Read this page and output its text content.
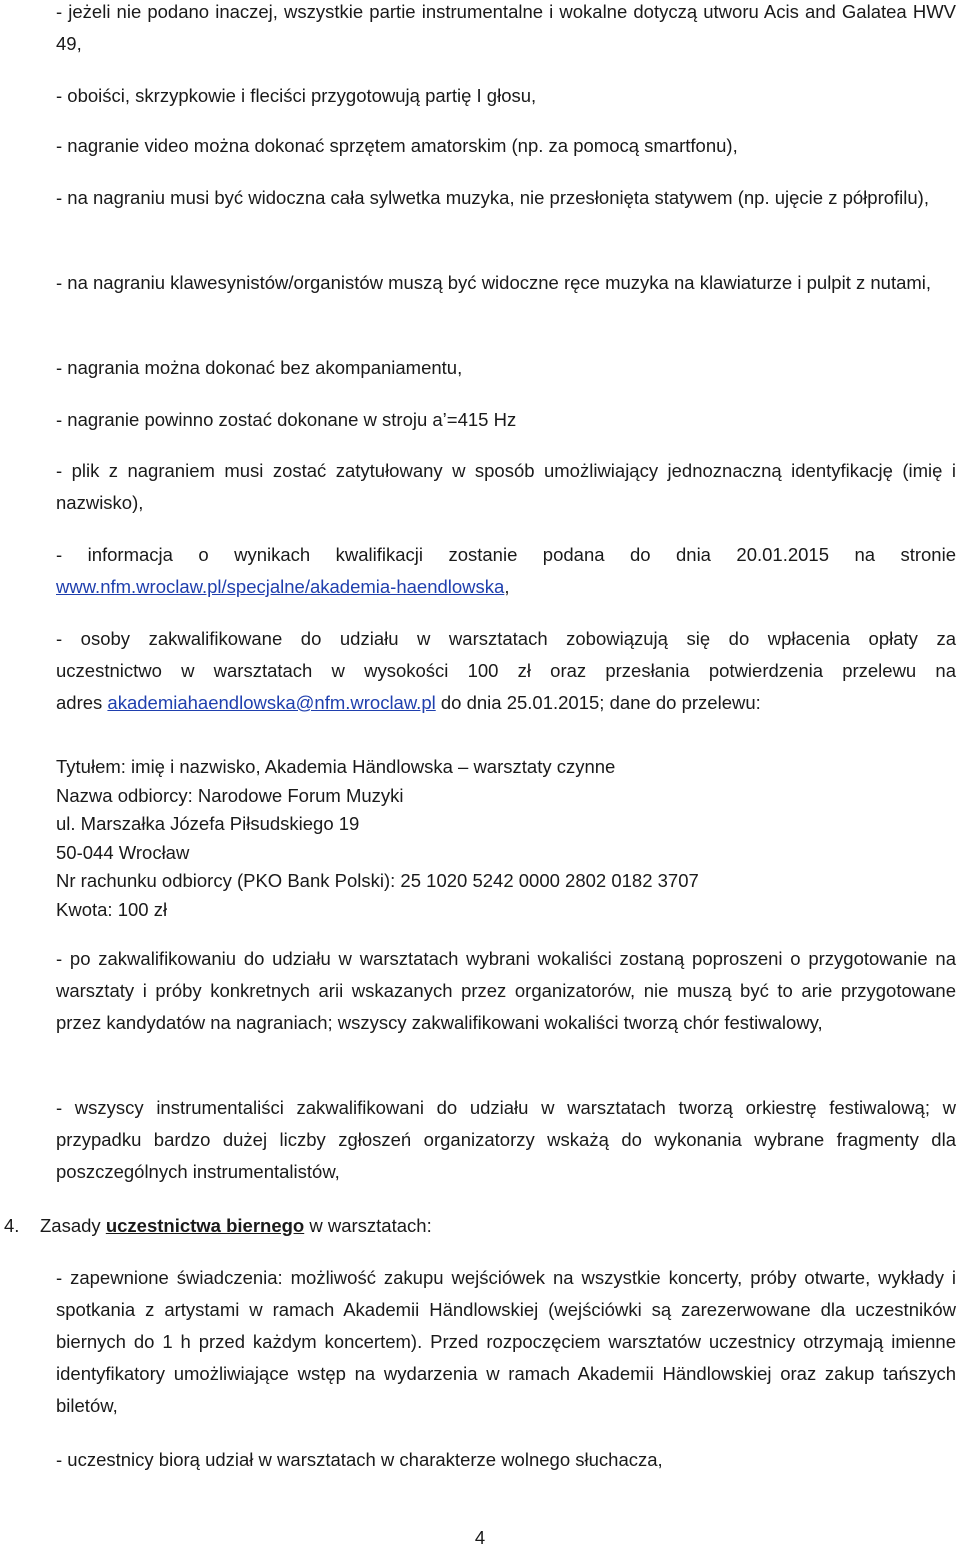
- jeżeli nie podano inaczej, wszystkie partie instrumentalne i wokalne dotyczą utworu Acis and Galatea HWV 49,

- oboiści, skrzypkowie i fleciści przygotowują partię I głosu,

- nagranie video można dokonać sprzętem amatorskim (np. za pomocą smartfonu),

- na nagraniu musi być widoczna cała sylwetka muzyka, nie przesłonięta statywem (np. ujęcie z półprofilu),

- na nagraniu klawesynistów/organistów muszą być widoczne ręce muzyka na klawiaturze i pulpit z nutami,

- nagrania można dokonać bez akompaniamentu,

- nagranie powinno zostać dokonane w stroju a’=415 Hz

- plik z nagraniem musi zostać zatytułowany w sposób umożliwiający jednoznaczną identyfikację (imię i nazwisko),

- informacja o wynikach kwalifikacji zostanie podana do dnia 20.01.2015 na stronie
www.nfm.wroclaw.pl/specjalne/akademia-haendlowska,

- osoby zakwalifikowane do udziału w warsztatach zobowiązują się do wpłacenia opłaty za
uczestnictwo w warsztatach w wysokości 100 zł oraz przesłania potwierdzenia przelewu na
adres akademiahaendlowska@nfm.wroclaw.pl do dnia 25.01.2015; dane do przelewu:

Tytułem: imię i nazwisko, Akademia Händlowska – warsztaty czynne
Nazwa odbiorcy: Narodowe Forum Muzyki
ul. Marszałka Józefa Piłsudskiego 19
50-044 Wrocław
Nr rachunku odbiorcy (PKO Bank Polski): 25 1020 5242 0000 2802 0182 3707
Kwota: 100 zł

- po zakwalifikowaniu do udziału w warsztatach wybrani wokaliści zostaną poproszeni o przygotowanie na warsztaty i próby konkretnych arii wskazanych przez organizatorów, nie muszą być to arie przygotowane przez kandydatów na nagraniach; wszyscy zakwalifikowani wokaliści tworzą chór festiwalowy,

- wszyscy instrumentaliści zakwalifikowani do udziału w warsztatach tworzą orkiestrę festiwalową; w przypadku bardzo dużej liczby zgłoszeń organizatorzy wskażą do wykonania wybrane fragmenty dla poszczególnych instrumentalistów,

4. Zasady uczestnictwa biernego w warsztatach:

- zapewnione świadczenia: możliwość zakupu wejściówek na wszystkie koncerty, próby otwarte, wykłady i spotkania z artystami w ramach Akademii Händlowskiej (wejściówki są zarezerwowane dla uczestników biernych do 1 h przed każdym koncertem). Przed rozpoczęciem warsztatów uczestnicy otrzymają imienne identyfikatory umożliwiające wstęp na wydarzenia w ramach Akademii Händlowskiej oraz zakup tańszych biletów,

- uczestnicy biorą udział w warsztatach w charakterze wolnego słuchacza,

4
